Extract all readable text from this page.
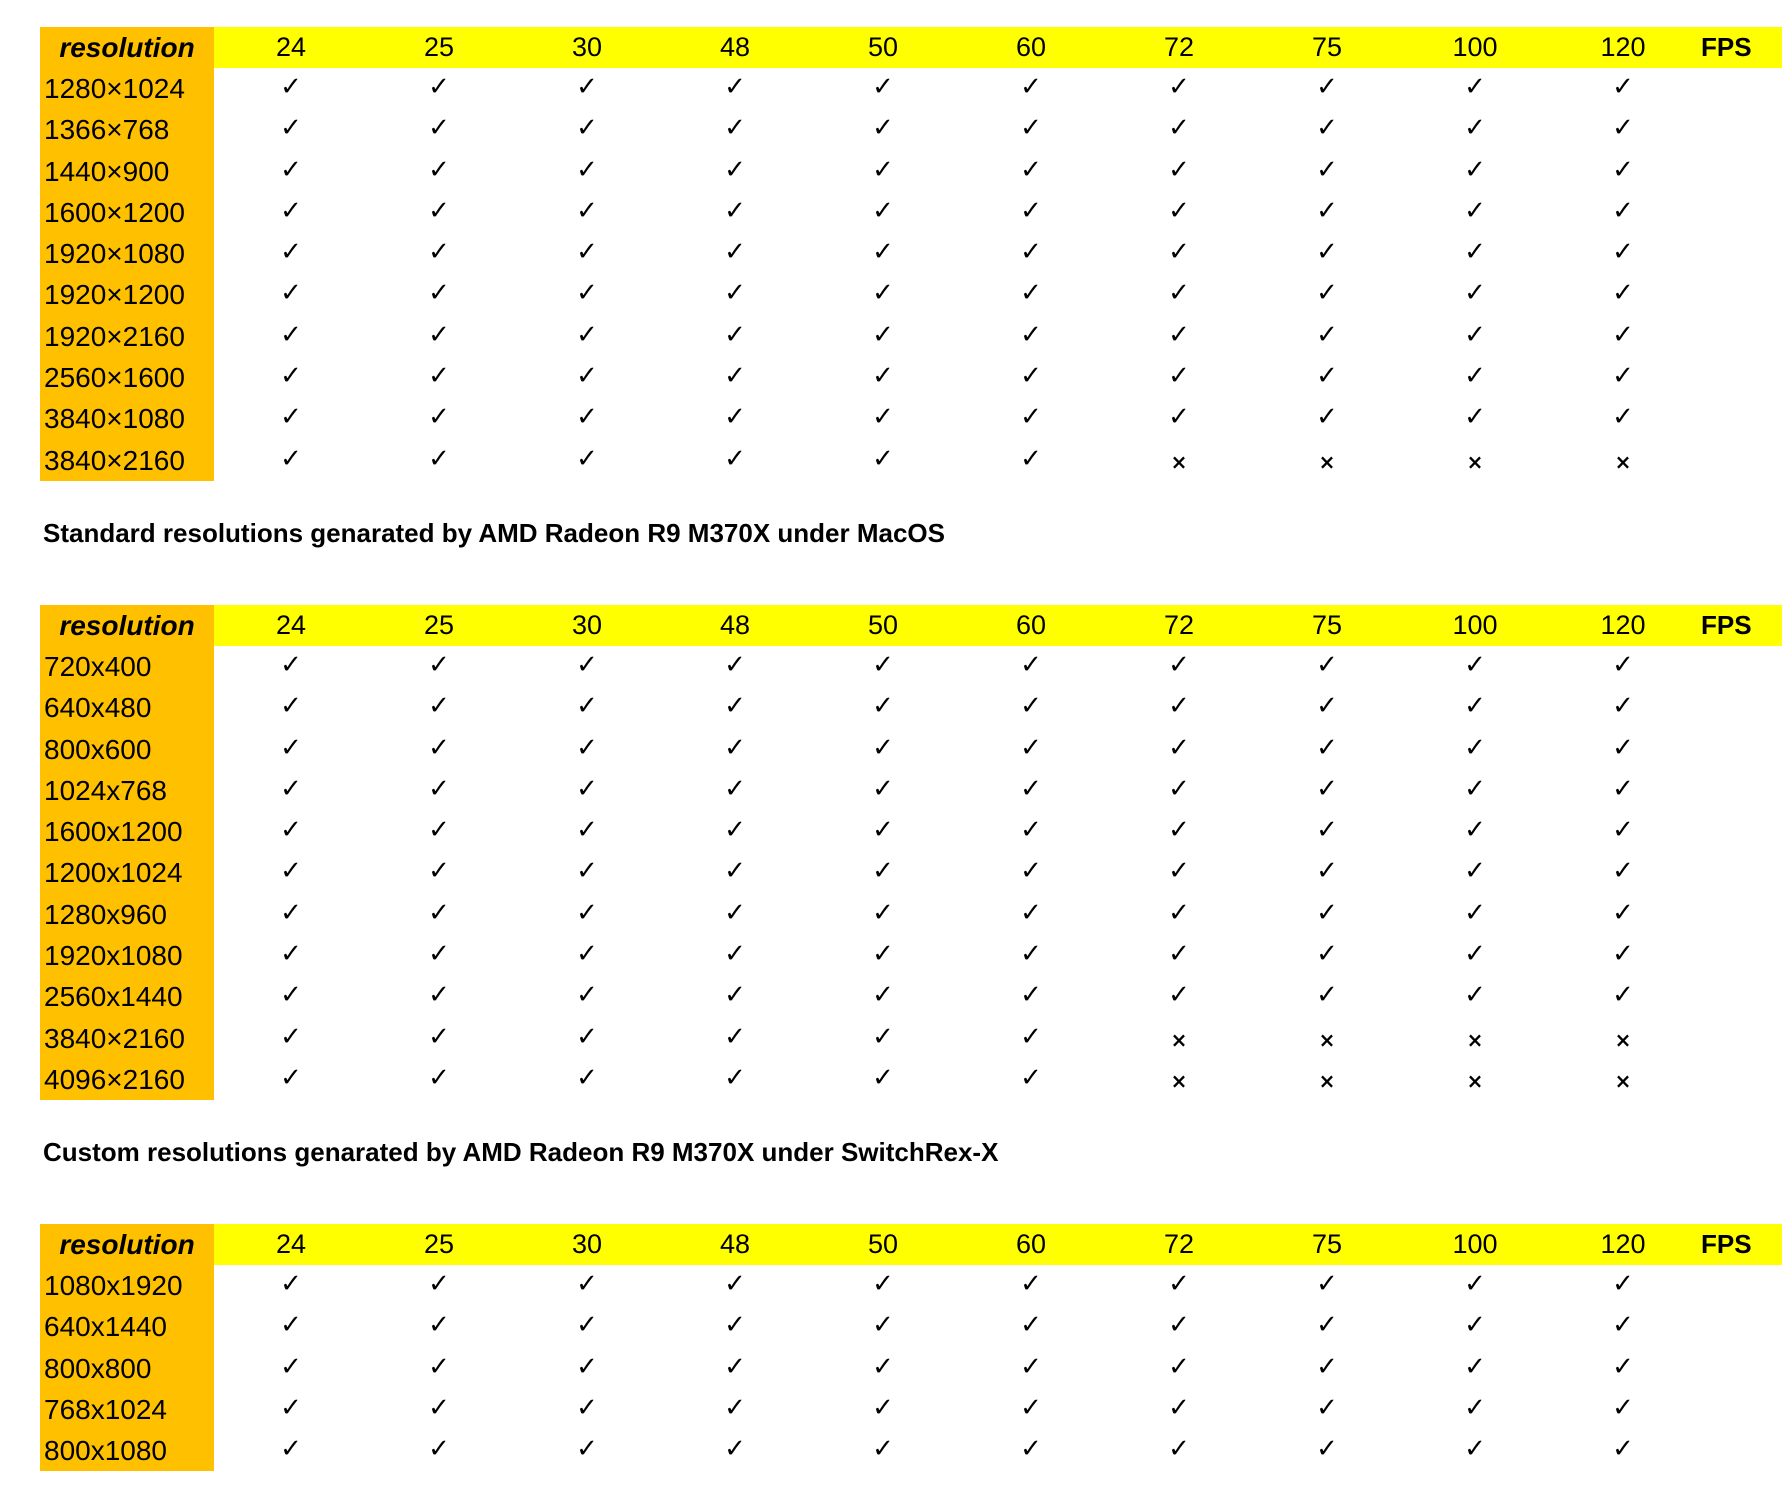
resolution	24	25	30	48	50	60	72	75	100	120 FPS
1280×1024	✓	✓	✓	✓	✓	✓	✓	✓	✓	✓
1366×768	✓	✓	✓	✓	✓	✓	✓	✓	✓	✓
1440×900	✓	✓	✓	✓	✓	✓	✓	✓	✓	✓
1600×1200	✓	✓	✓	✓	✓	✓	✓	✓	✓	✓
1920×1080	✓	✓	✓	✓	✓	✓	✓	✓	✓	✓
1920×1200	✓	✓	✓	✓	✓	✓	✓	✓	✓	✓
1920×2160	✓	✓	✓	✓	✓	✓	✓	✓	✓	✓
2560×1600	✓	✓	✓	✓	✓	✓	✓	✓	✓	✓
3840×1080	✓	✓	✓	✓	✓	✓	✓	✓	✓	✓
3840×2160	✓	✓	✓	✓	✓	✓	×	×	×	×
Standard resolutions genarated by AMD Radeon R9 M370X under MacOS
resolution	24	25	30	48	50	60	72	75	100	120 FPS
720x400	✓	✓	✓	✓	✓	✓	✓	✓	✓	✓
640x480	✓	✓	✓	✓	✓	✓	✓	✓	✓	✓
800x600	✓	✓	✓	✓	✓	✓	✓	✓	✓	✓
1024x768	✓	✓	✓	✓	✓	✓	✓	✓	✓	✓
1600x1200	✓	✓	✓	✓	✓	✓	✓	✓	✓	✓
1200x1024	✓	✓	✓	✓	✓	✓	✓	✓	✓	✓
1280x960	✓	✓	✓	✓	✓	✓	✓	✓	✓	✓
1920x1080	✓	✓	✓	✓	✓	✓	✓	✓	✓	✓
2560x1440	✓	✓	✓	✓	✓	✓	✓	✓	✓	✓
3840×2160	✓	✓	✓	✓	✓	✓	×	×	×	×
4096×2160	✓	✓	✓	✓	✓	✓	×	×	×	×
Custom resolutions genarated by AMD Radeon R9 M370X under SwitchRex-X
resolution	24	25	30	48	50	60	72	75	100	120 FPS
1080x1920	✓	✓	✓	✓	✓	✓	✓	✓	✓	✓
640x1440	✓	✓	✓	✓	✓	✓	✓	✓	✓	✓
800x800	✓	✓	✓	✓	✓	✓	✓	✓	✓	✓
768x1024	✓	✓	✓	✓	✓	✓	✓	✓	✓	✓
800x1080	✓	✓	✓	✓	✓	✓	✓	✓	✓	✓
